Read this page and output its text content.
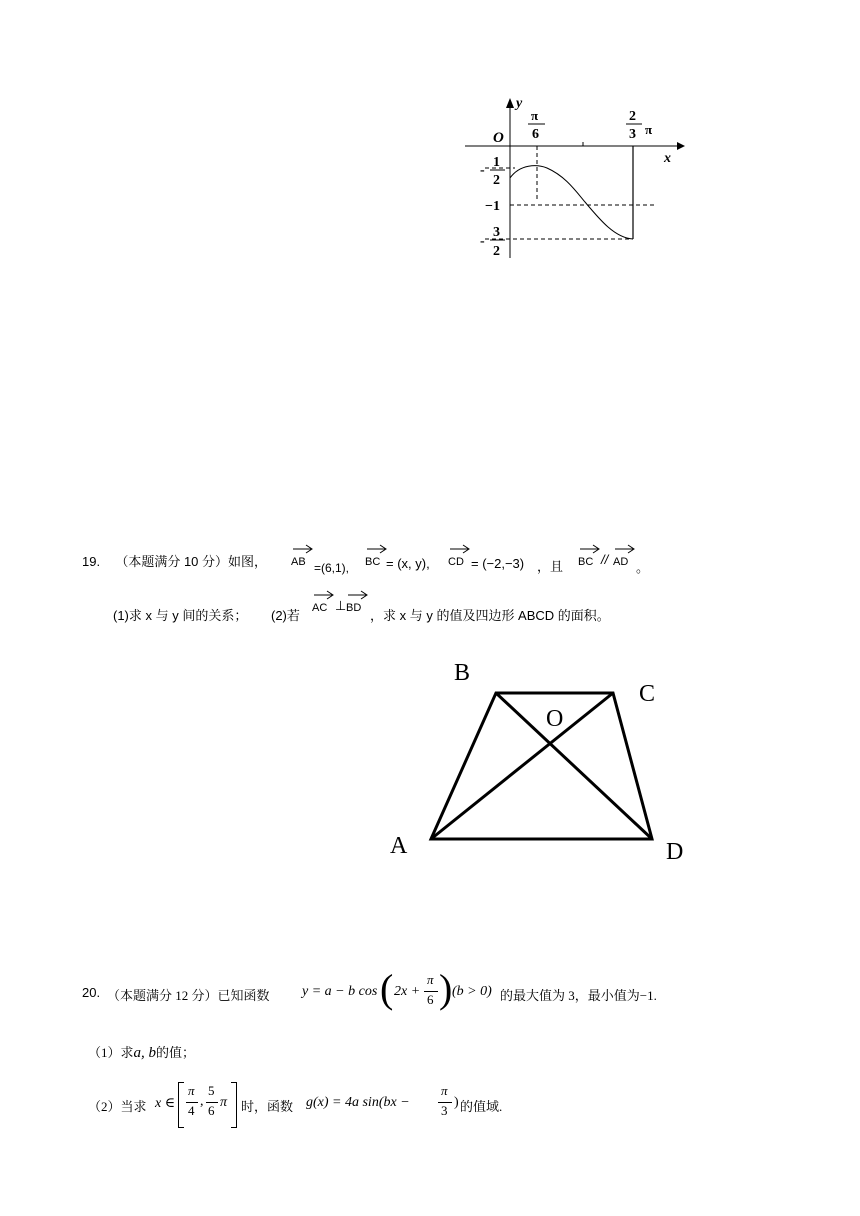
y
x
O
π
6
2
3 π
-
1
2
−1
-
3
2
19. （本题满分 10 分）如图， AB =(6,1), BC = (x, y), CD = (−2,−3) ，且 BC // AD 。
(1)求 x 与 y 间的关系； (2)若 AC ⊥ BD ，求 x 与 y 的值及四边形 ABCD 的面积。
B
C
O
A	D
20. （本题满分 12 分）已知函数 y = a − b cos ( 2x +
π
6 ) (b > 0) 的最大值为 3，最小值为−1.
（1）求a, b的值；
（2）当求 x ∈
π
4
,
5
6
π 时，函数 g(x) = 4a sin(bx −
π
3
) 的值域.
